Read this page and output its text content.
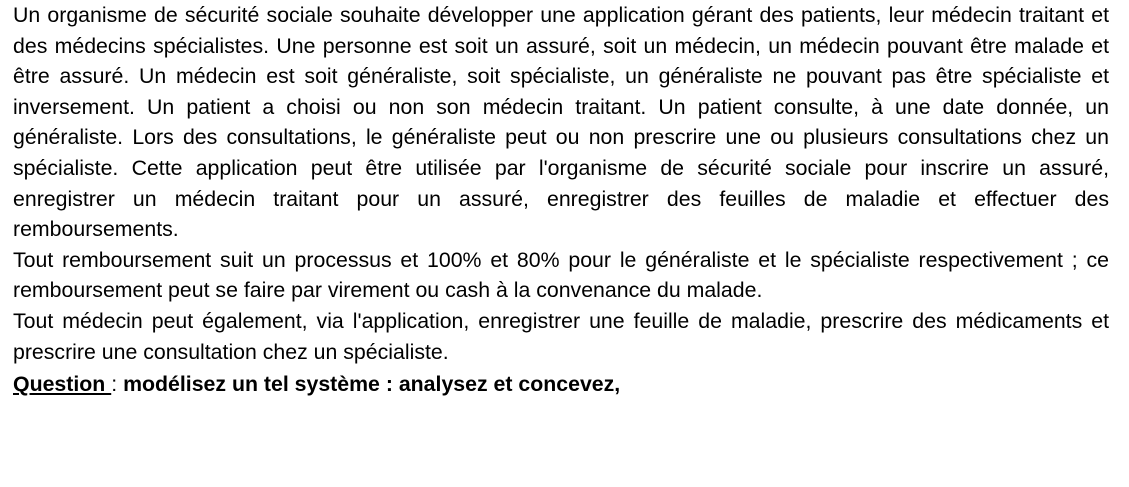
Un organisme de sécurité sociale souhaite développer une application gérant des patients, leur médecin traitant et des médecins spécialistes. Une personne est soit un assuré, soit un médecin, un médecin pouvant être malade et être assuré. Un médecin est soit généraliste, soit spécialiste, un généraliste ne pouvant pas être spécialiste et inversement. Un patient a choisi ou non son médecin traitant. Un patient consulte, à une date donnée, un généraliste. Lors des consultations, le généraliste peut ou non prescrire une ou plusieurs consultations chez un spécialiste. Cette application peut être utilisée par l'organisme de sécurité sociale pour inscrire un assuré, enregistrer un médecin traitant pour un assuré, enregistrer des feuilles de maladie et effectuer des remboursements.

Tout remboursement suit un processus et 100% et 80% pour le généraliste et le spécialiste respectivement ; ce remboursement peut se faire par virement ou cash à la convenance du malade.

Tout médecin peut également, via l'application, enregistrer une feuille de maladie, prescrire des médicaments et prescrire une consultation chez un spécialiste.

Question : modélisez un tel système : analysez et concevez,
